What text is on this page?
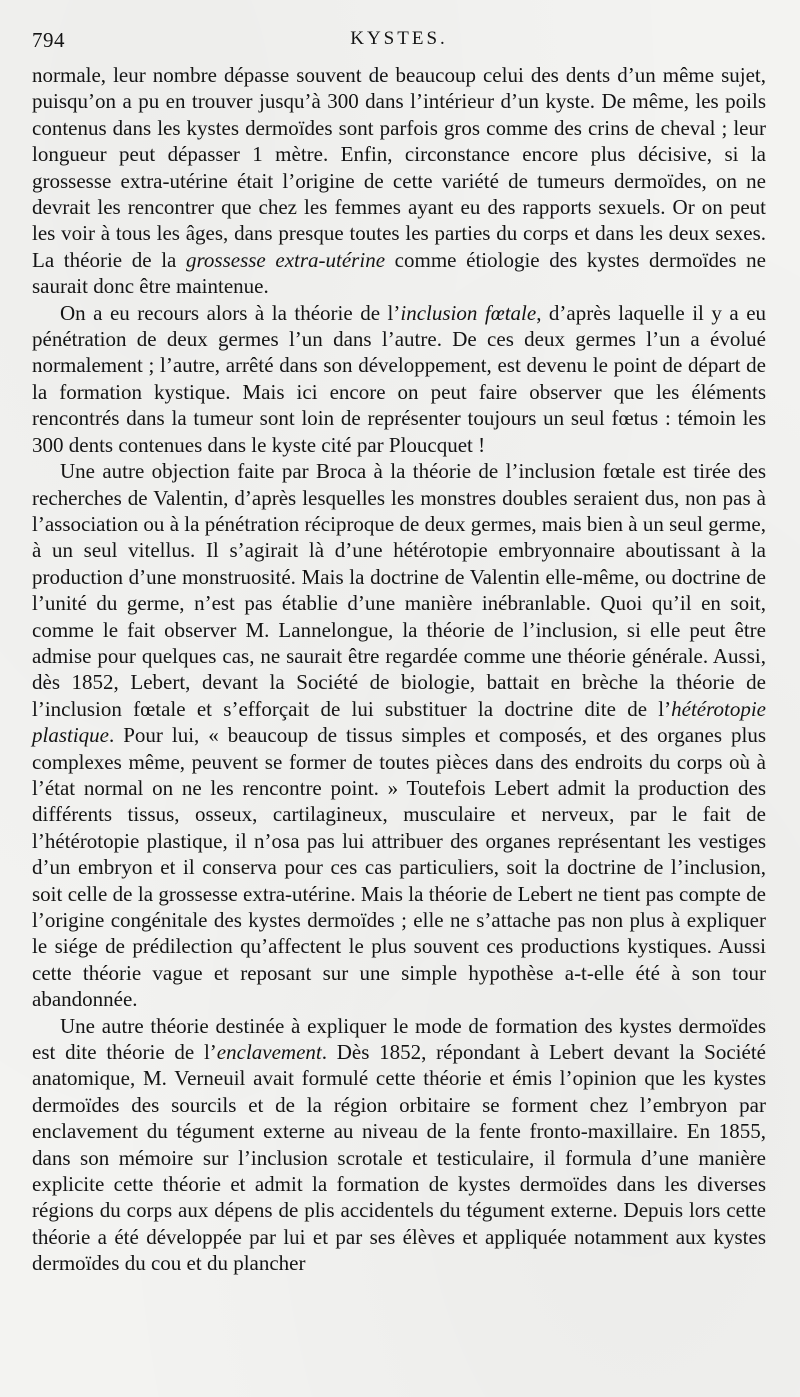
794	KYSTES.

normale, leur nombre dépasse souvent de beaucoup celui des dents d’un même sujet, puisqu’on a pu en trouver jusqu’à 300 dans l’intérieur d’un kyste. De même, les poils contenus dans les kystes dermoïdes sont parfois gros comme des crins de cheval ; leur longueur peut dépasser 1 mètre. Enfin, circonstance encore plus décisive, si la grossesse extra-utérine était l’origine de cette variété de tumeurs dermoïdes, on ne devrait les rencontrer que chez les femmes ayant eu des rapports sexuels. Or on peut les voir à tous les âges, dans presque toutes les parties du corps et dans les deux sexes. La théorie de la grossesse extra-utérine comme étiologie des kystes dermoïdes ne saurait donc être maintenue.

On a eu recours alors à la théorie de l’inclusion fœtale, d’après laquelle il y a eu pénétration de deux germes l’un dans l’autre. De ces deux germes l’un a évolué normalement ; l’autre, arrêté dans son développement, est devenu le point de départ de la formation kystique. Mais ici encore on peut faire observer que les éléments rencontrés dans la tumeur sont loin de représenter toujours un seul fœtus : témoin les 300 dents contenues dans le kyste cité par Ploucquet !

Une autre objection faite par Broca à la théorie de l’inclusion fœtale est tirée des recherches de Valentin, d’après lesquelles les monstres doubles seraient dus, non pas à l’association ou à la pénétration réciproque de deux germes, mais bien à un seul germe, à un seul vitellus. Il s’agirait là d’une hétérotopie embryonnaire aboutissant à la production d’une monstruosité. Mais la doctrine de Valentin elle-même, ou doctrine de l’unité du germe, n’est pas établie d’une manière inébranlable. Quoi qu’il en soit, comme le fait observer M. Lannelongue, la théorie de l’inclusion, si elle peut être admise pour quelques cas, ne saurait être regardée comme une théorie générale. Aussi, dès 1852, Lebert, devant la Société de biologie, battait en brèche la théorie de l’inclusion fœtale et s’efforçait de lui substituer la doctrine dite de l’hétérotopie plastique. Pour lui, « beaucoup de tissus simples et composés, et des organes plus complexes même, peuvent se former de toutes pièces dans des endroits du corps où à l’état normal on ne les rencontre point. » Toutefois Lebert admit la production des différents tissus, osseux, cartilagineux, musculaire et nerveux, par le fait de l’hétérotopie plastique, il n’osa pas lui attribuer des organes représentant les vestiges d’un embryon et il conserva pour ces cas particuliers, soit la doctrine de l’inclusion, soit celle de la grossesse extra-utérine. Mais la théorie de Lebert ne tient pas compte de l’origine congénitale des kystes dermoïdes ; elle ne s’attache pas non plus à expliquer le siége de prédilection qu’affectent le plus souvent ces productions kystiques. Aussi cette théorie vague et reposant sur une simple hypothèse a-t-elle été à son tour abandonnée.

Une autre théorie destinée à expliquer le mode de formation des kystes dermoïdes est dite théorie de l’enclavement. Dès 1852, répondant à Lebert devant la Société anatomique, M. Verneuil avait formulé cette théorie et émis l’opinion que les kystes dermoïdes des sourcils et de la région orbitaire se forment chez l’embryon par enclavement du tégument externe au niveau de la fente fronto-maxillaire. En 1855, dans son mémoire sur l’inclusion scrotale et testiculaire, il formula d’une manière explicite cette théorie et admit la formation de kystes dermoïdes dans les diverses régions du corps aux dépens de plis accidentels du tégument externe. Depuis lors cette théorie a été développée par lui et par ses élèves et appliquée notamment aux kystes dermoïdes du cou et du plancher
